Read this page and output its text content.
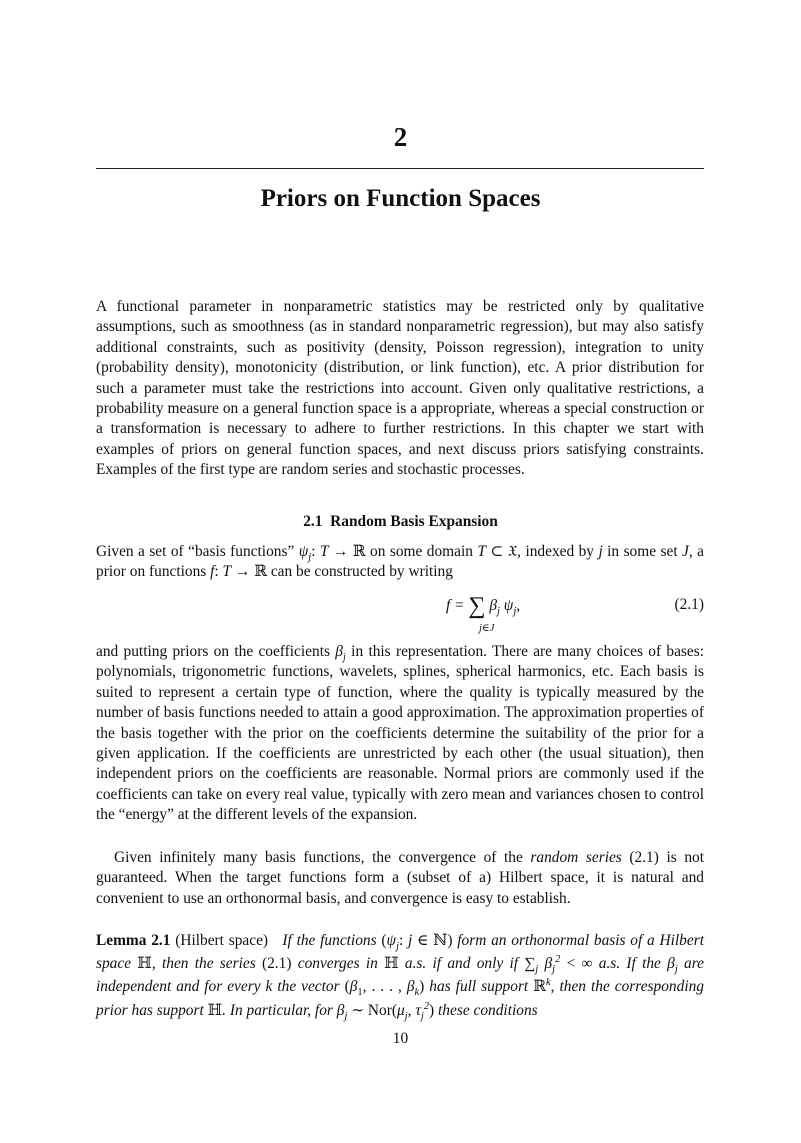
2
Priors on Function Spaces
A functional parameter in nonparametric statistics may be restricted only by qualitative assumptions, such as smoothness (as in standard nonparametric regression), but may also satisfy additional constraints, such as positivity (density, Poisson regression), integration to unity (probability density), monotonicity (distribution, or link function), etc. A prior distribution for such a parameter must take the restrictions into account. Given only qualitative restrictions, a probability measure on a general function space is a appropriate, whereas a special construction or a transformation is necessary to adhere to further restrictions. In this chapter we start with examples of priors on general function spaces, and next discuss priors satisfying constraints. Examples of the first type are random series and stochastic processes.
2.1 Random Basis Expansion
Given a set of “basis functions” $\psi_j$: T → ℝ on some domain T ⊂ 𝔛, indexed by j in some set J, a prior on functions f: T → ℝ can be constructed by writing
f = ∑ $\beta_j$ $\psi_j$,
j∈J
(2.1)
and putting priors on the coefficients $\beta_j$ in this representation. There are many choices of bases: polynomials, trigonometric functions, wavelets, splines, spherical harmonics, etc. Each basis is suited to represent a certain type of function, where the quality is typically measured by the number of basis functions needed to attain a good approximation. The approximation properties of the basis together with the prior on the coefficients determine the suitability of the prior for a given application. If the coefficients are unrestricted by each other (the usual situation), then independent priors on the coefficients are reasonable. Normal priors are commonly used if the coefficients can take on every real value, typically with zero mean and variances chosen to control the “energy” at the different levels of the expansion.
Given infinitely many basis functions, the convergence of the random series (2.1) is not guaranteed. When the target functions form a (subset of a) Hilbert space, it is natural and convenient to use an orthonormal basis, and convergence is easy to establish.
Lemma 2.1 (Hilbert space) If the functions ($\psi_j$: j ∈ ℕ) form an orthonormal basis of a Hilbert space ℍ, then the series (2.1) converges in ℍ a.s. if and only if $\sum_j$ $\beta_j^2$ < ∞ a.s. If the $\beta_j$ are independent and for every k the vector ($\beta_1$, . . . , $\beta_k$) has full support ℝ$^k$, then the corresponding prior has support ℍ. In particular, for $\beta_j$ ∼ $Nor(\mu_j$, $\tau_j^2$) these conditions
10
